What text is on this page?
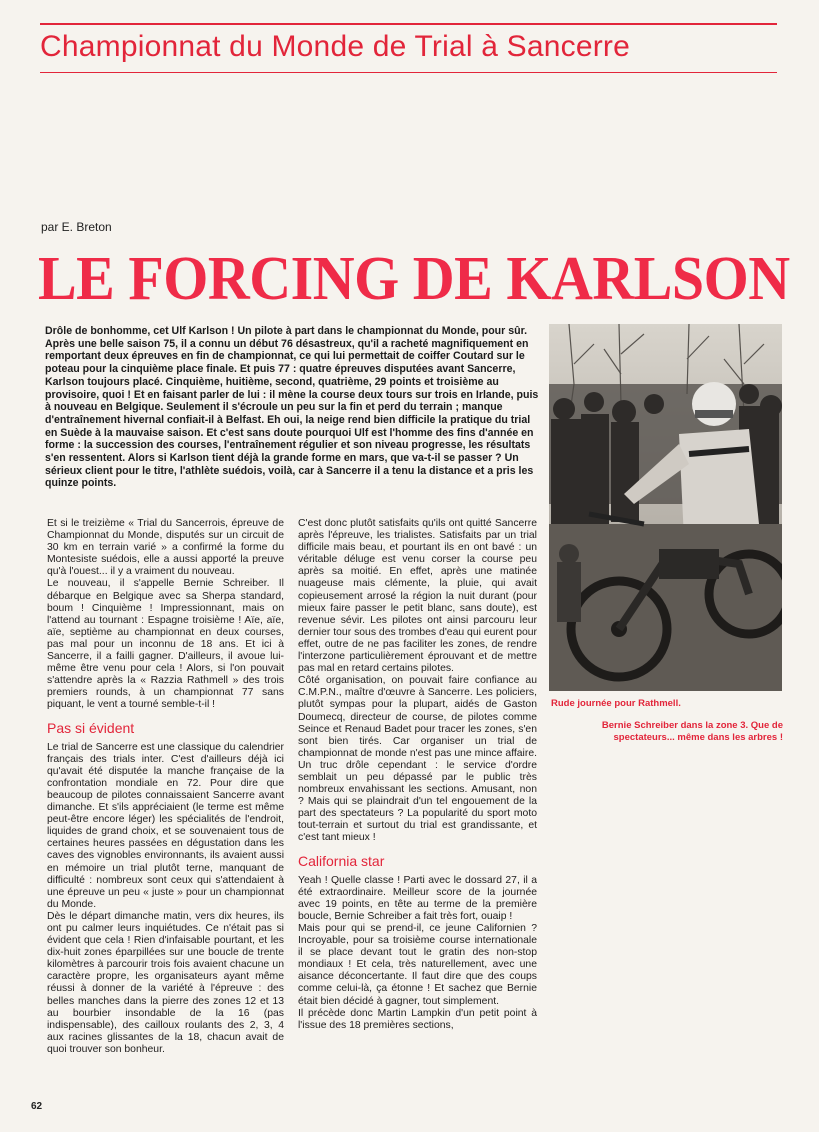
Championnat du Monde de Trial à Sancerre
par E. Breton
LE FORCING DE KARLSON

Drôle de bonhomme, cet Ulf Karlson ! Un pilote à part dans le championnat du Monde, pour sûr. Après une belle saison 75, il a connu un début 76 désastreux, qu'il a racheté magnifiquement en remportant deux épreuves en fin de championnat, ce qui lui permettait de coiffer Coutard sur le poteau pour la cinquième place finale. Et puis 77 : quatre épreuves disputées avant Sancerre, Karlson toujours placé. Cinquième, huitième, second, quatrième, 29 points et troisième au provisoire, quoi ! Et en faisant parler de lui : il mène la course deux tours sur trois en Irlande, puis à nouveau en Belgique. Seulement il s'écroule un peu sur la fin et perd du terrain ; manque d'entraînement hivernal confiait-il à Belfast. Eh oui, la neige rend bien difficile la pratique du trial en Suède à la mauvaise saison. Et c'est sans doute pourquoi Ulf est l'homme des fins d'année en forme : la succession des courses, l'entraînement régulier et son niveau progresse, les résultats s'en ressentent. Alors si Karlson tient déjà la grande forme en mars, que va-t-il se passer ? Un sérieux client pour le titre, l'athlète suédois, voilà, car à Sancerre il a tenu la distance et a pris les quinze points.

Rude journée pour Rathmell.
Bernie Schreiber dans la zone 3. Que de spectateurs... même dans les arbres !

Et si le treizième « Trial du Sancerrois, épreuve de Championnat du Monde, disputés sur un circuit de 30 km en terrain varié » a confirmé la forme du Montesiste suédois, elle a aussi apporté la preuve qu'à l'ouest... il y a vraiment du nouveau.

Le nouveau, il s'appelle Bernie Schreiber. Il débarque en Belgique avec sa Sherpa standard, boum ! Cinquième ! Impressionnant, mais on l'attend au tournant : Espagne troisième ! Aïe, aïe, aïe, septième au championnat en deux courses, pas mal pour un inconnu de 18 ans. Et ici à Sancerre, il a failli gagner. D'ailleurs, il avoue lui-même être venu pour cela ! Alors, si l'on pouvait s'attendre après la « Razzia Rathmell » des trois premiers rounds, à un championnat 77 sans piquant, le vent a tourné semble-t-il !

Pas si évident

Le trial de Sancerre est une classique du calendrier français des trials inter. C'est d'ailleurs déjà ici qu'avait été disputée la manche française de la confrontation mondiale en 72. Pour dire que beaucoup de pilotes connaissaient Sancerre avant dimanche. Et s'ils appréciaient (le terme est même peut-être encore léger) les spécialités de l'endroit, liquides de grand choix, et se souvenaient tous de certaines heures passées en dégustation dans les caves des vignobles environnants, ils avaient aussi en mémoire un trial plutôt terne, manquant de difficulté : nombreux sont ceux qui s'attendaient à une épreuve un peu « juste » pour un championnat du Monde.

Dès le départ dimanche matin, vers dix heures, ils ont pu calmer leurs inquiétudes. Ce n'était pas si évident que cela ! Rien d'infaisable pourtant, et les dix-huit zones éparpillées sur une boucle de trente kilomètres à parcourir trois fois avaient chacune un caractère propre, les organisateurs ayant même réussi à donner de la variété à l'épreuve : des belles manches dans la pierre des zones 12 et 13 au bourbier insondable de la 16 (pas indispensable), des cailloux roulants des 2, 3, 4 aux racines glissantes de la 18, chacun avait de quoi trouver son bonheur.

C'est donc plutôt satisfaits qu'ils ont quitté Sancerre après l'épreuve, les trialistes. Satisfaits par un trial difficile mais beau, et pourtant ils en ont bavé : un véritable déluge est venu corser la course peu après sa moitié. En effet, après une matinée nuageuse mais clémente, la pluie, qui avait copieusement arrosé la région la nuit durant (pour mieux faire passer le petit blanc, sans doute), est revenue sévir. Les pilotes ont ainsi parcouru leur dernier tour sous des trombes d'eau qui eurent pour effet, outre de ne pas faciliter les zones, de rendre l'interzone particulièrement éprouvant et de mettre pas mal en retard certains pilotes.

Côté organisation, on pouvait faire confiance au C.M.P.N., maître d'œuvre à Sancerre. Les policiers, plutôt sympas pour la plupart, aidés de Gaston Doumecq, directeur de course, de pilotes comme Seince et Renaud Badet pour tracer les zones, s'en sont bien tirés. Car organiser un trial de championnat de monde n'est pas une mince affaire. Un truc drôle cependant : le service d'ordre semblait un peu dépassé par le public très nombreux envahissant les sections. Amusant, non ? Mais qui se plaindrait d'un tel engouement de la part des spectateurs ? La popularité du sport moto tout-terrain et surtout du trial est grandissante, et c'est tant mieux !

California star

Yeah ! Quelle classe ! Parti avec le dossard 27, il a été extraordinaire. Meilleur score de la journée avec 19 points, en tête au terme de la première boucle, Bernie Schreiber a fait très fort, ouaip !

Mais pour qui se prend-il, ce jeune Californien ? Incroyable, pour sa troisième course internationale il se place devant tout le gratin des non-stop mondiaux ! Et cela, très naturellement, avec une aisance déconcertante. Il faut dire que des coups comme celui-là, ça étonne ! Et sachez que Bernie était bien décidé à gagner, tout simplement.

Il précède donc Martin Lampkin d'un petit point à l'issue des 18 premières sections,

62
